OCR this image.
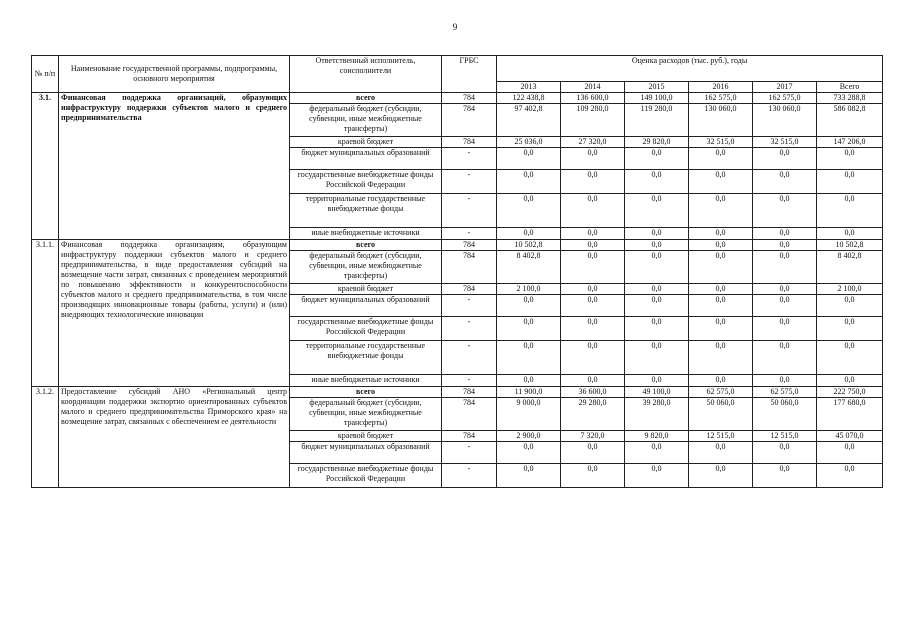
9
№ п/п	Наименование государственной программы, подпрограммы, основного мероприятия	Ответственный исполнитель, соисполнители	ГРБС	Оценка расходов (тыс. руб.), годы					
				2013	2014	2015	2016	2017	Всего
3.1.	Финансовая поддержка организаций, образующих инфраструктуру поддержки субъектов малого и среднего предпринимательства	всего	784	122 438,8	136 600,0	149 100,0	162 575,0	162 575,0	733 288,8
		федеральный бюджет (субсидии, субвенции, иные межбюджетные трансферты)	784	97 402,8	109 280,0	119 280,0	130 060,0	130 060,0	586 082,8
		краевой бюджет	784	25 036,0	27 320,0	29 820,0	32 515,0	32 515,0	147 206,0
		бюджет муниципальных образований	-	0,0	0,0	0,0	0,0	0,0	0,0
		государственные внебюджетные фонды Российской Федерации	-	0,0	0,0	0,0	0,0	0,0	0,0
		территориальные государственные внебюджетные фонды	-	0,0	0,0	0,0	0,0	0,0	0,0
		иные внебюджетные источники	-	0,0	0,0	0,0	0,0	0,0	0,0
3.1.1.	Финансовая поддержка организациям, образующим инфраструктуру поддержки субъектов малого и среднего предпринимательства, в виде предоставления субсидий на возмещение части затрат, связанных с проведением мероприятий по повышению эффективности и конкурентоспособности субъектов малого и среднего предпринимательства, в том числе производящих инновационные товары (работы, услуги) и (или) внедряющих технологические инновации	всего	784	10 502,8	0,0	0,0	0,0	0,0	10 502,8
		федеральный бюджет (субсидии, субвенции, иные межбюджетные трансферты)	784	8 402,8	0,0	0,0	0,0	0,0	8 402,8
		краевой бюджет	784	2 100,0	0,0	0,0	0,0	0,0	2 100,0
		бюджет муниципальных образований	-	0,0	0,0	0,0	0,0	0,0	0,0
		государственные внебюджетные фонды Российской Федерации	-	0,0	0,0	0,0	0,0	0,0	0,0
		территориальные государственные внебюджетные фонды	-	0,0	0,0	0,0	0,0	0,0	0,0
		иные внебюджетные источники	-	0,0	0,0	0,0	0,0	0,0	0,0
3.1.2.	Предоставление субсидий АНО «Региональный центр координации поддержки экспортно ориентированных субъектов малого и среднего предпринимательства Приморского края» на возмещение затрат, связанных с обеспечением ее деятельности	всего	784	11 900,0	36 600,0	49 100,0	62 575,0	62 575,0	222 750,0
		федеральный бюджет (субсидии, субвенции, иные межбюджетные трансферты)	784	9 000,0	29 280,0	39 280,0	50 060,0	50 060,0	177 680,0
		краевой бюджет	784	2 900,0	7 320,0	9 820,0	12 515,0	12 515,0	45 070,0
		бюджет муниципальных образований	-	0,0	0,0	0,0	0,0	0,0	0,0
		государственные внебюджетные фонды Российской Федерации	-	0,0	0,0	0,0	0,0	0,0	0,0
